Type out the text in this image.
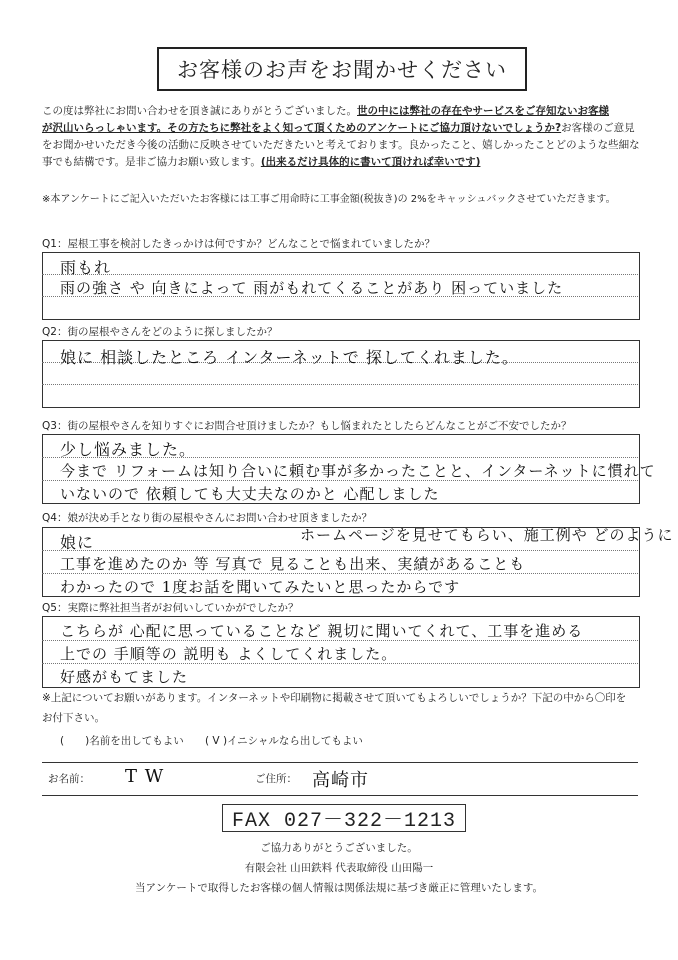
お客様のお声をお聞かせください
この度は弊社にお問い合わせを頂き誠にありがとうございました。世の中には弊社の存在やサービスをご存知ないお客様
が沢山いらっしゃいます。その方たちに弊社をよく知って頂くためのアンケートにご協力頂けないでしょうか?お客様のご意見
をお聞かせいただき今後の活動に反映させていただきたいと考えております。良かったこと、嬉しかったことどのような些細な
事でも結構です。是非ご協力お願い致します。(出来るだけ具体的に書いて頂ければ幸いです)
※本アンケートにご記入いただいたお客様には工事ご用命時に工事金額(税抜き)の 2%をキャッシュバックさせていただきます。
Q1：屋根工事を検討したきっかけは何ですか？どんなことで悩まれていましたか？
雨もれ
雨の強さ や 向きによって 雨がもれてくることがあり 困っていました
Q2：街の屋根やさんをどのように探しましたか？
娘に 相談したところ インターネットで 探してくれました。
Q3：街の屋根やさんを知りすぐにお問合せ頂けましたか？もし悩まれたとしたらどんなことがご不安でしたか？
少し悩みました。
今まで リフォームは知り合いに頼む事が多かったことと、インターネットに慣れて
いないので 依頼しても大丈夫なのかと 心配しました
Q4：娘が決め手となり街の屋根やさんにお問い合わせ頂きましたか？
娘に	ホームページを見せてもらい、施工例や どのように
工事を進めたのか 等 写真で 見ることも出来、実績があることも
わかったので 1度お話を聞いてみたいと思ったからです
Q5：実際に弊社担当者がお伺いしていかがでしたか？
こちらが 心配に思っていることなど 親切に聞いてくれて、工事を進める
上での 手順等の 説明も よくしてくれました。
好感がもてました
※上記についてお願いがあります。インターネットや印刷物に掲載させて頂いてもよろしいでしょうか？下記の中から〇印を
お付下さい。
(　　)名前を出してもよい ( V )イニシャルなら出してもよい
お名前： T W	ご住所： 高崎市
FAX 027－322－1213
ご協力ありがとうございました。
有限会社 山田鉄料 代表取締役 山田陽一
当アンケートで取得したお客様の個人情報は関係法規に基づき厳正に管理いたします。
